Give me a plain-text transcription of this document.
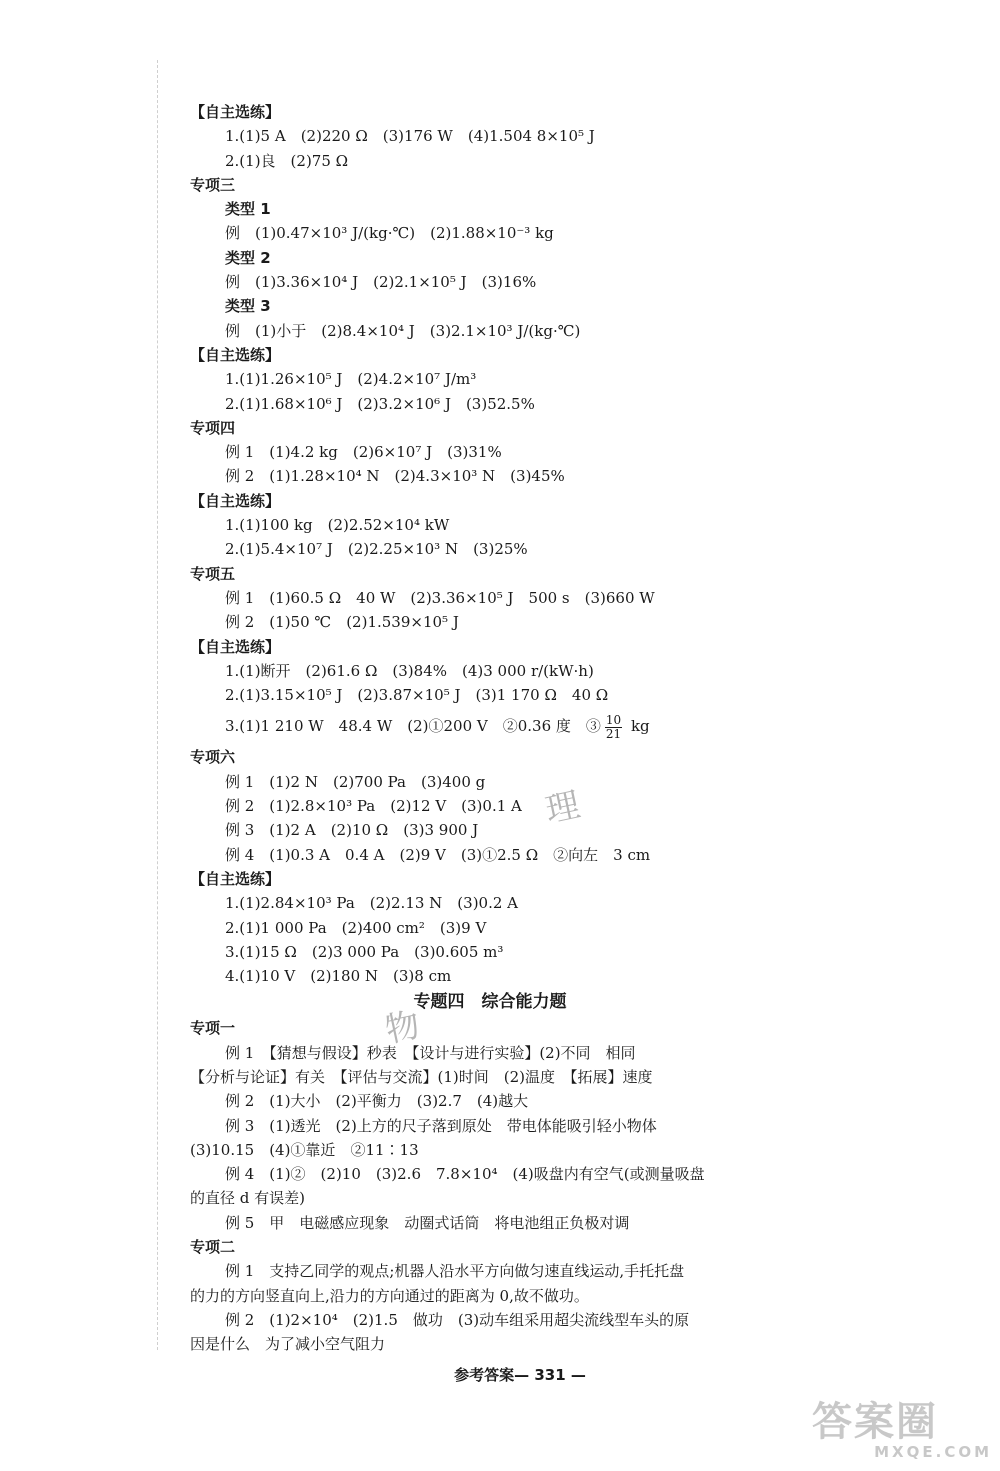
【自主选练】
1.(1)5 A　(2)220 Ω　(3)176 W　(4)1.504 8×10⁵ J
2.(1)良　(2)75 Ω
专项三
类型 1
例　(1)0.47×10³ J/(kg·℃)　(2)1.88×10⁻³ kg
类型 2
例　(1)3.36×10⁴ J　(2)2.1×10⁵ J　(3)16%
类型 3
例　(1)小于　(2)8.4×10⁴ J　(3)2.1×10³ J/(kg·℃)
【自主选练】
1.(1)1.26×10⁵ J　(2)4.2×10⁷ J/m³
2.(1)1.68×10⁶ J　(2)3.2×10⁶ J　(3)52.5%
专项四
例 1　(1)4.2 kg　(2)6×10⁷ J　(3)31%
例 2　(1)1.28×10⁴ N　(2)4.3×10³ N　(3)45%
【自主选练】
1.(1)100 kg　(2)2.52×10⁴ kW
2.(1)5.4×10⁷ J　(2)2.25×10³ N　(3)25%
专项五
例 1　(1)60.5 Ω　40 W　(2)3.36×10⁵ J　500 s　(3)660 W
例 2　(1)50 ℃　(2)1.539×10⁵ J
【自主选练】
1.(1)断开　(2)61.6 Ω　(3)84%　(4)3 000 r/(kW·h)
2.(1)3.15×10⁵ J　(2)3.87×10⁵ J　(3)1 170 Ω　40 Ω
3.(1)1 210 W　48.4 W　(2)①200 V　②0.36 度　③ $\frac{10}{21}$ kg
专项六
例 1　(1)2 N　(2)700 Pa　(3)400 g
例 2　(1)2.8×10³ Pa　(2)12 V　(3)0.1 A
例 3　(1)2 A　(2)10 Ω　(3)3 900 J
例 4　(1)0.3 A　0.4 A　(2)9 V　(3)①2.5 Ω　②向左　3 cm
【自主选练】
1.(1)2.84×10³ Pa　(2)2.13 N　(3)0.2 A
2.(1)1 000 Pa　(2)400 cm²　(3)9 V
3.(1)15 Ω　(2)3 000 Pa　(3)0.605 m³
4.(1)10 V　(2)180 N　(3)8 cm
专题四　综合能力题
专项一
例 1　【猜想与假设】秒表　【设计与进行实验】(2)不同　相同
【分析与论证】有关　【评估与交流】(1)时间　(2)温度　【拓展】速度
例 2　(1)大小　(2)平衡力　(3)2.7　(4)越大
例 3　(1)透光　(2)上方的尺子落到原处　带电体能吸引轻小物体
(3)10.15　(4)①靠近　②11∶13
例 4　(1)②　(2)10　(3)2.6　7.8×10⁴　(4)吸盘内有空气(或测量吸盘
的直径 d 有误差)
例 5　甲　电磁感应现象　动圈式话筒　将电池组正负极对调
专项二
例 1　支持乙同学的观点;机器人沿水平方向做匀速直线运动,手托托盘的力的方向竖直向上,沿力的方向通过的距离为 0,故不做功。
例 2　(1)2×10⁴　(2)1.5　做功　(3)动车组采用超尖流线型车头的原因是什么　为了减小空气阻力
参考答案— 331 —
理
物
答案圈
MXQE.COM
